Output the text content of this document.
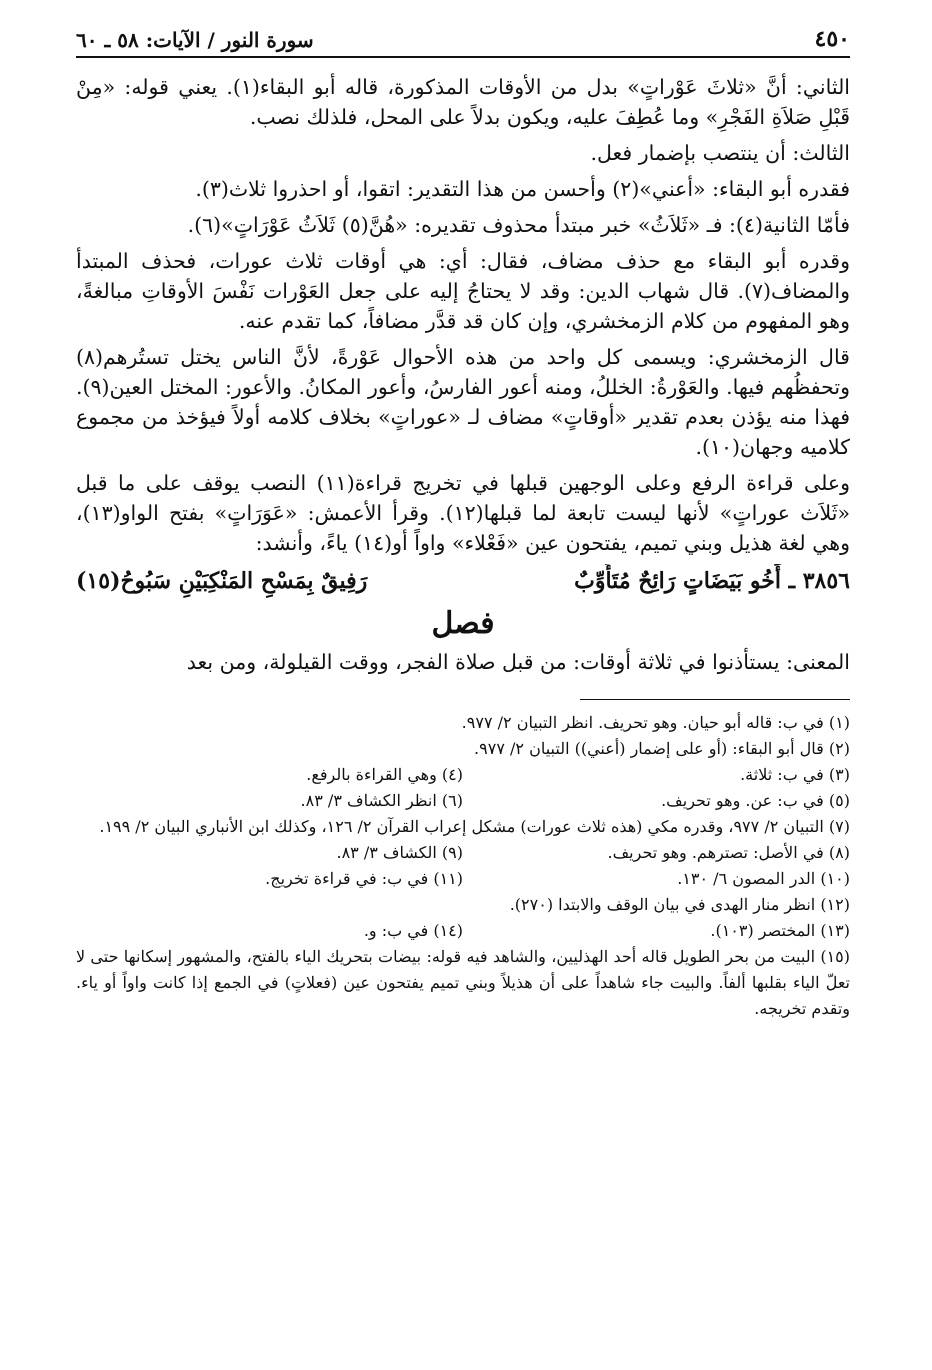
٤٥٠
سورة النور / الآيات: ٥٨ ـ ٦٠

الثاني: أنَّ «ثلاثَ عَوْراتٍ» بدل من الأوقات المذكورة، قاله أبو البقاء(١). يعني قوله: «مِنْ قَبْلِ صَلاَةِ الفَجْرِ» وما عُطِفَ عليه، ويكون بدلاً على المحل، فلذلك نصب.

الثالث: أن ينتصب بإضمار فعل.

فقدره أبو البقاء: «أعني»(٢) وأحسن من هذا التقدير: اتقوا، أو احذروا ثلاث(٣).

فأمّا الثانية(٤): فـ «ثَلاَثُ» خبر مبتدأ محذوف تقديره: «هُنَّ(٥) ثَلاَثُ عَوْرَاتٍ»(٦).

وقدره أبو البقاء مع حذف مضاف، فقال: أي: هي أوقات ثلاث عورات، فحذف المبتدأ والمضاف(٧). قال شهاب الدين: وقد لا يحتاجُ إليه على جعل العَوْرات نَفْسَ الأوقاتِ مبالغةً، وهو المفهوم من كلام الزمخشري، وإن كان قد قدَّر مضافاً، كما تقدم عنه.

قال الزمخشري: ويسمى كل واحد من هذه الأحوال عَوْرةً، لأنَّ الناس يختل تستُرهم(٨) وتحفظُهم فيها. والعَوْرةُ: الخللُ، ومنه أعور الفارسُ، وأعور المكانُ. والأعور: المختل العين(٩). فهذا منه يؤذن بعدم تقدير «أوقاتٍ» مضاف لـ «عوراتٍ» بخلاف كلامه أولاً فيؤخذ من مجموع كلاميه وجهان(١٠).

وعلى قراءة الرفع وعلى الوجهين قبلها في تخريج قراءة(١١) النصب يوقف على ما قبل «ثَلاَث عوراتٍ» لأنها ليست تابعة لما قبلها(١٢). وقرأ الأعمش: «عَوَرَاتٍ» بفتح الواو(١٣)، وهي لغة هذيل وبني تميم، يفتحون عين «فَعْلاء» واواً أو(١٤) ياءً، وأنشد:

٣٨٥٦ ـ أَخُو بَيَضَاتٍ رَائِحٌ مُتَأَوِّبٌ
رَفِيقٌ بِمَسْحِ المَنْكِبَيْنِ سَبُوحُ(١٥)
فصل

المعنى: يستأذنوا في ثلاثة أوقات: من قبل صلاة الفجر، ووقت القيلولة، ومن بعد

(١) في ب: قاله أبو حيان. وهو تحريف. انظر التبيان ٢/ ٩٧٧.

(٢) قال أبو البقاء: (أو على إضمار (أعني)) التبيان ٢/ ٩٧٧.

(٣) في ب: ثلاثة.

(٤) وهي القراءة بالرفع.

(٥) في ب: عن. وهو تحريف.

(٦) انظر الكشاف ٣/ ٨٣.

(٧) التبيان ٢/ ٩٧٧، وقدره مكي (هذه ثلاث عورات) مشكل إعراب القرآن ٢/ ١٢٦، وكذلك ابن الأنباري البيان ٢/ ١٩٩.

(٨) في الأصل: تصترهم. وهو تحريف.

(٩) الكشاف ٣/ ٨٣.

(١٠) الدر المصون ٦/ ١٣٠.

(١١) في ب: في قراءة تخريج.

(١٢) انظر منار الهدى في بيان الوقف والابتدا (٢٧٠).

(١٣) المختصر (١٠٣).

(١٤) في ب: و.

(١٥) البيت من بحر الطويل قاله أحد الهذليين، والشاهد فيه قوله: بيضات بتحريك الياء بالفتح، والمشهور إسكانها حتى لا تعلّ الياء بقلبها ألفاً. والبيت جاء شاهداً على أن هذيلاً وبني تميم يفتحون عين (فعلاتٍ) في الجمع إذا كانت واواً أو ياء. وتقدم تخريجه.
